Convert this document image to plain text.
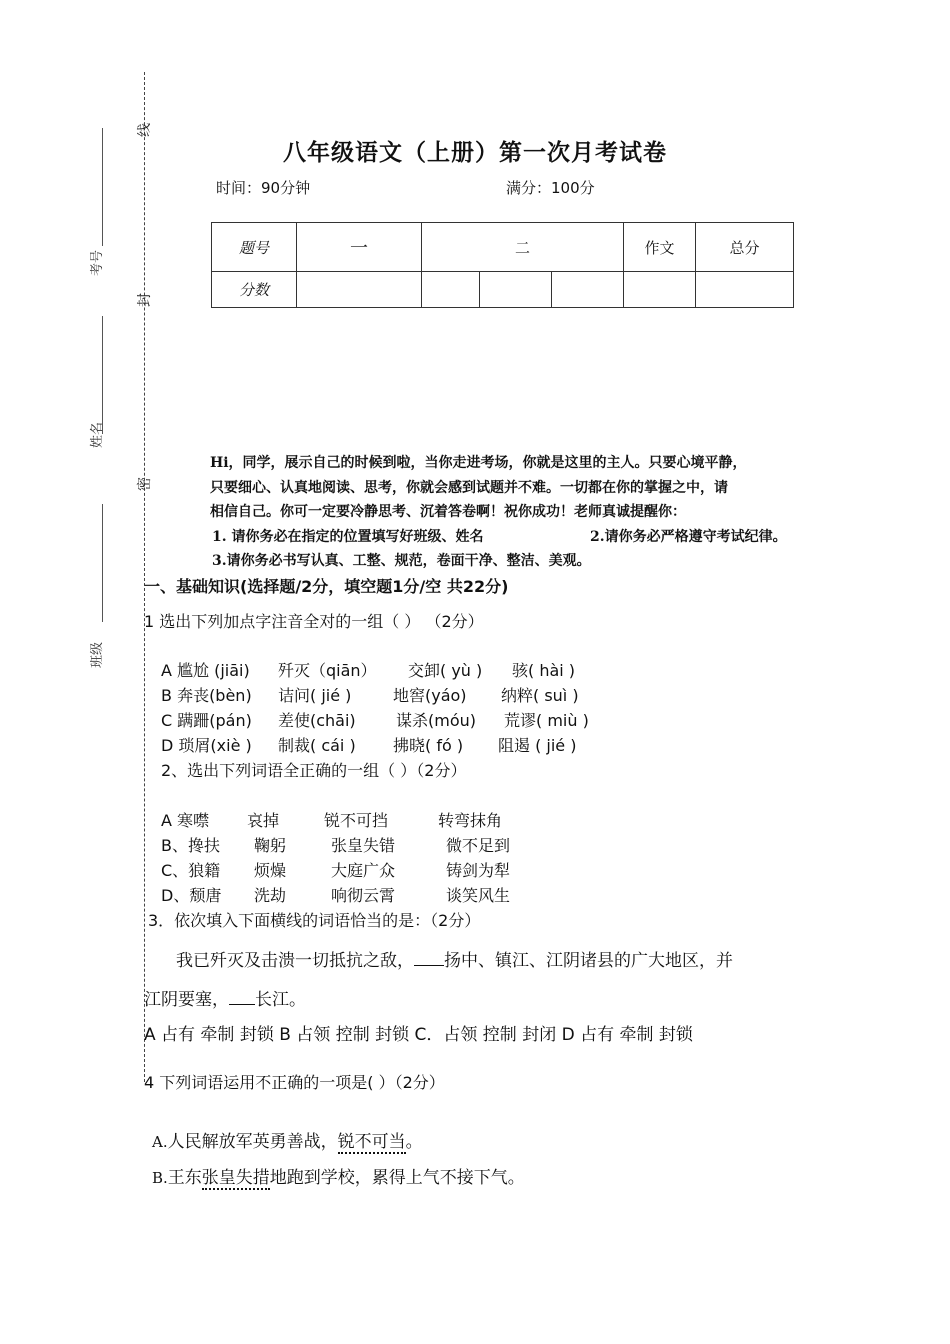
考号
姓名
班级
线
封
密
八年级语文（上册）第一次月考试卷
时间：90分钟	满分：100分
题号	一	二			作文	总分
分数						
Hi，同学，展示自己的时候到啦，当你走进考场，你就是这里的主人。只要心境平静，
只要细心、认真地阅读、思考，你就会感到试题并不难。一切都在你的掌握之中，请
相信自己。你可一定要冷静思考、沉着答卷啊！祝你成功！老师真诚提醒你：
1. 请你务必在指定的位置填写好班级、姓名	2.请你务必严格遵守考试纪律。
3.请你务必书写认真、工整、规范，卷面干净、整洁、美观。
一、基础知识(选择题/2分，填空题1分/空 共22分)
1 选出下列加点字注音全对的一组（ ） （2分）
A 尴尬 (jiāi) 歼灭（qiān） 交卸( yù ) 骇( hài )
B 奔丧(bèn) 诘问( jié )	地窖(yáo) 纳粹( suì )
C 蹒跚(pán) 差使(chāi)	谋杀(móu) 荒谬( miù )
D 琐屑(xiè ) 制裁( cái ) 拂晓( fó ) 阻遏 ( jié )
2、选出下列词语全正确的一组（ ）（2分）
A 寒噤 哀掉	锐不可挡	转弯抹角
B、搀扶 鞠躬	张皇失错	微不足到
C、狼籍 烦燥	大庭广众	铸剑为犁
D、颓唐 洗劫	响彻云霄	谈笑风生
3．依次填入下面横线的词语恰当的是：（2分）
我已歼灭及击溃一切抵抗之敌， 扬中、镇江、江阴诸县的广大地区，并
江阴要塞， 长江。
A 占有 牵制 封锁 B 占领 控制 封锁 C．占领 控制 封闭 D 占有 牵制 封锁
4 下列词语运用不正确的一项是( ）（2分）
A.人民解放军英勇善战，锐不可当。
B.王东张皇失措地跑到学校，累得上气不接下气。
